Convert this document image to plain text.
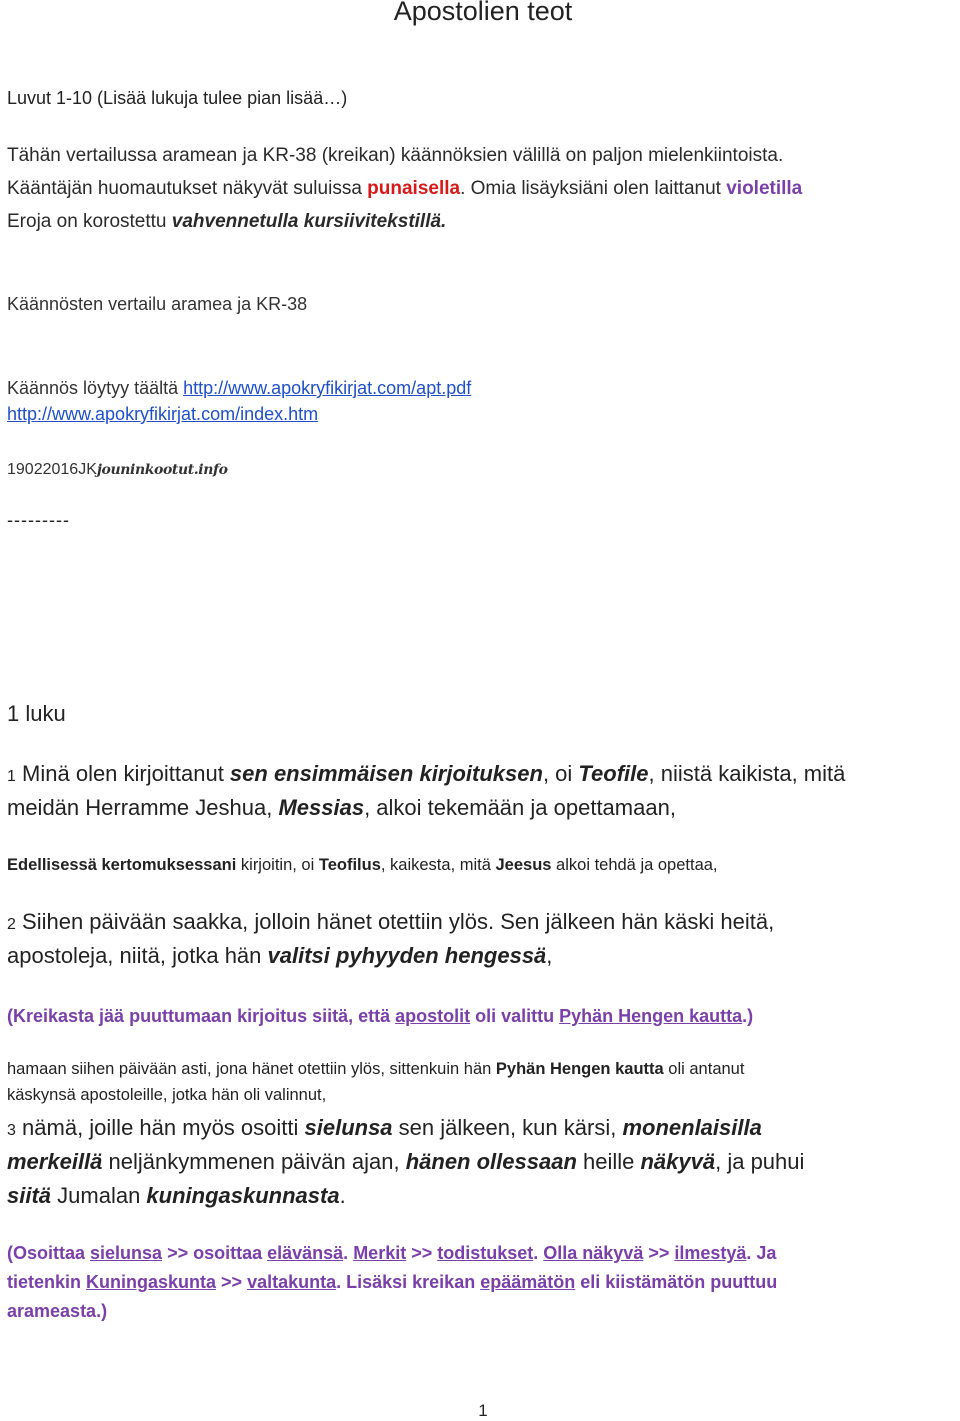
Apostolien teot

Luvut 1-10 (Lisää lukuja tulee pian lisää…)

Tähän vertailussa aramean ja KR-38 (kreikan) käännöksien välillä on paljon mielenkiintoista.

Kääntäjän huomautukset näkyvät suluissa punaisella. Omia lisäyksiäni olen laittanut violetilla

Eroja on korostettu vahvennetulla kursiivitekstillä.

Käännösten vertailu aramea ja KR-38

Käännös löytyy täältä http://www.apokryfikirjat.com/apt.pdf

http://www.apokryfikirjat.com/index.htm

19022016JKjouninkootut.info

---------

1 luku

1 Minä olen kirjoittanut sen ensimmäisen kirjoituksen, oi Teofile, niistä kaikista, mitä

meidän Herramme Jeshua, Messias, alkoi tekemään ja opettamaan,

Edellisessä kertomuksessani kirjoitin, oi Teofilus, kaikesta, mitä Jeesus alkoi tehdä ja opettaa,

2 Siihen päivään saakka, jolloin hänet otettiin ylös. Sen jälkeen hän käski heitä,

apostoleja, niitä, jotka hän valitsi pyhyyden hengessä,

(Kreikasta jää puuttumaan kirjoitus siitä, että apostolit oli valittu Pyhän Hengen kautta.)

hamaan siihen päivään asti, jona hänet otettiin ylös, sittenkuin hän Pyhän Hengen kautta oli antanut

käskynsä apostoleille, jotka hän oli valinnut,

3 nämä, joille hän myös osoitti sielunsa sen jälkeen, kun kärsi, monenlaisilla

merkeillä neljänkymmenen päivän ajan, hänen ollessaan heille näkyvä, ja puhui

siitä Jumalan kuningaskunnasta.

(Osoittaa sielunsa >> osoittaa elävänsä. Merkit >> todistukset. Olla näkyvä >> ilmestyä. Ja

tietenkin Kuningaskunta >> valtakunta. Lisäksi kreikan epäämätön eli kiistämätön puuttuu

arameasta.)

1
